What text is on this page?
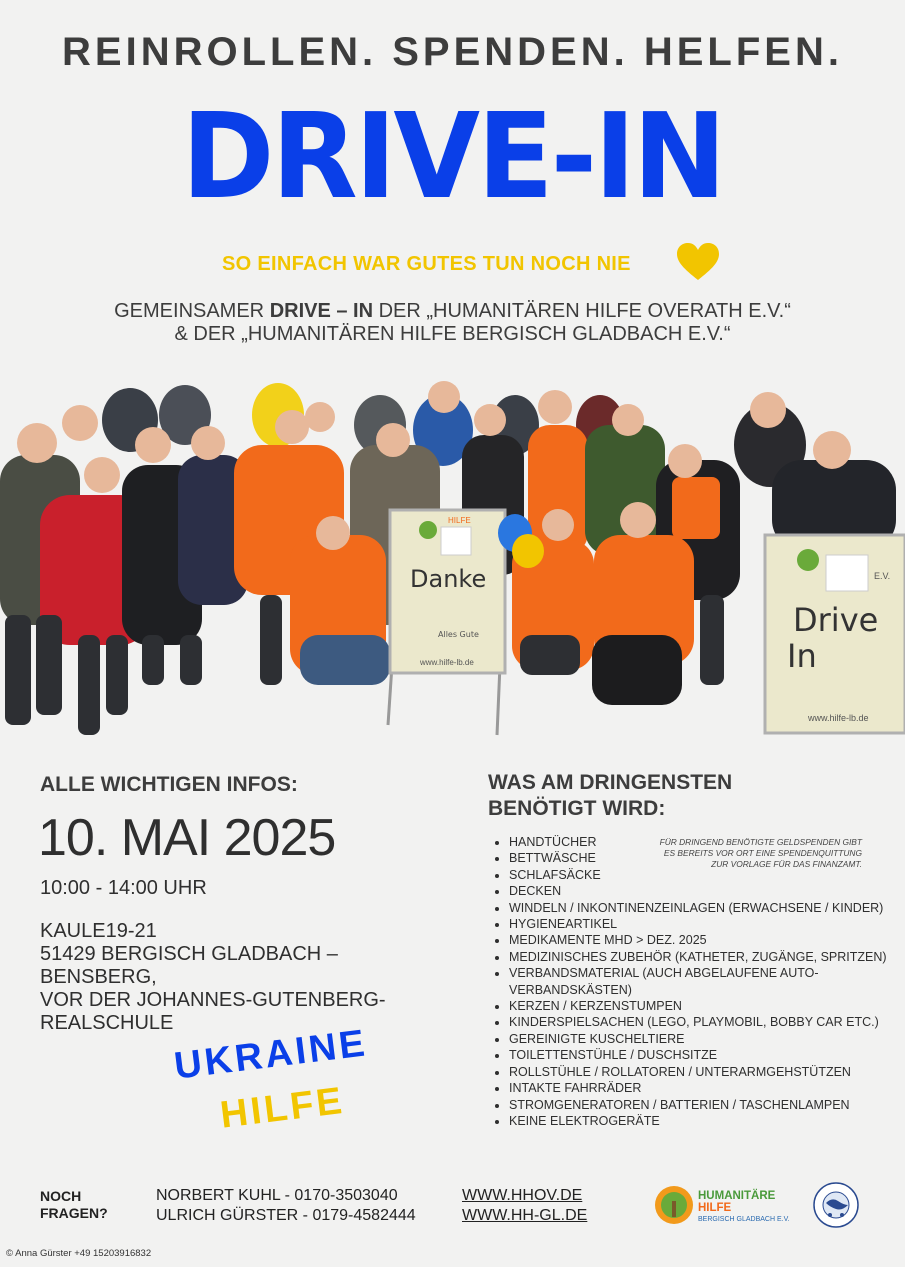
REINROLLEN. SPENDEN. HELFEN.
DRIVE-IN
SO EINFACH WAR GUTES TUN NOCH NIE
GEMEINSAMER DRIVE – IN DER „HUMANITÄREN HILFE OVERATH E.V.“
& DER „HUMANITÄREN HILFE BERGISCH GLADBACH E.V.“
HILFE
Danke
Alles Gute
www.hilfe-lb.de
E.V.
Drive
In
www.hilfe-lb.de
ALLE WICHTIGEN INFOS:
10. MAI 2025
10:00 - 14:00 UHR
KAULE19-21
51429 BERGISCH GLADBACH –
BENSBERG,
VOR DER JOHANNES-GUTENBERG-
REALSCHULE
UKRAINE
HILFE
WAS AM DRINGENSTEN
BENÖTIGT WIRD:
FÜR DRINGEND BENÖTIGTE GELDSPENDEN GIBT
ES BEREITS VOR ORT EINE SPENDENQUITTUNG
ZUR VORLAGE FÜR DAS FINANZAMT.
• HANDTÜCHER
• BETTWÄSCHE
• SCHLAFSÄCKE
• DECKEN
• WINDELN / INKONTINENZEINLAGEN (ERWACHSENE / KINDER)
• HYGIENEARTIKEL
• MEDIKAMENTE MHD > DEZ. 2025
• MEDIZINISCHES ZUBEHÖR (KATHETER, ZUGÄNGE, SPRITZEN)
• VERBANDSMATERIAL (AUCH ABGELAUFENE AUTO-VERBANDSKÄSTEN)
• KERZEN / KERZENSTUMPEN
• KINDERSPIELSACHEN (LEGO, PLAYMOBIL, BOBBY CAR ETC.)
• GEREINIGTE KUSCHELTIERE
• TOILETTENSTÜHLE / DUSCHSITZE
• ROLLSTÜHLE / ROLLATOREN / UNTERARMGEHSTÜTZEN
• INTAKTE FAHRRÄDER
• STROMGENERATOREN / BATTERIEN / TASCHENLAMPEN
• KEINE ELEKTROGERÄTE
NOCH
FRAGEN?
NORBERT KUHL - 0170-3503040
ULRICH GÜRSTER - 0179-4582444
WWW.HHOV.DE
WWW.HH-GL.DE
HUMANITÄRE
HILFE
BERGISCH GLADBACH E.V.
© Anna Gürster +49 15203916832
